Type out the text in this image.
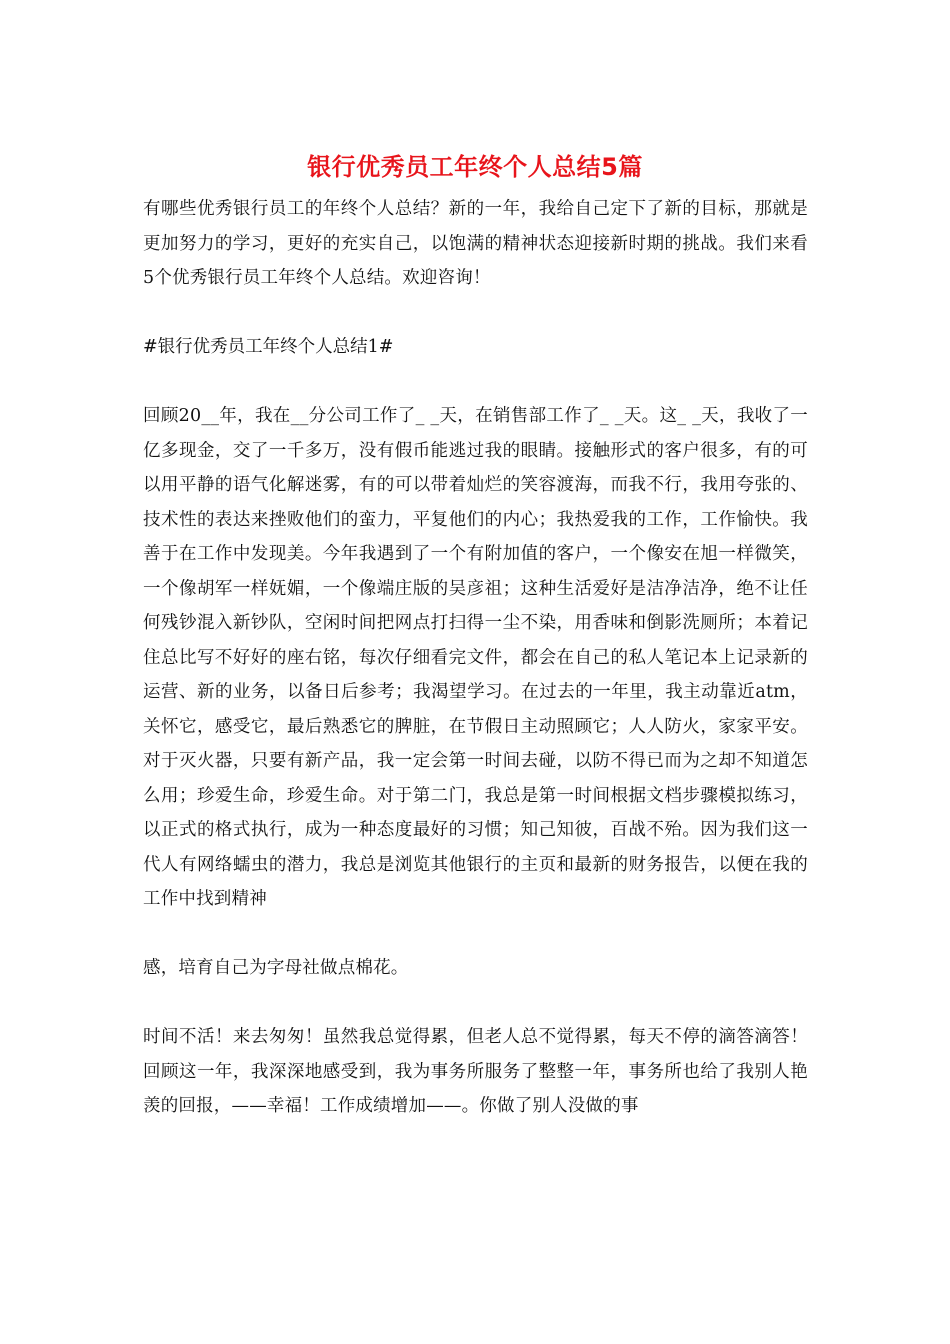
银行优秀员工年终个人总结5篇

有哪些优秀银行员工的年终个人总结？新的一年，我给自己定下了新的目标，那就是更加努力的学习，更好的充实自己，以饱满的精神状态迎接新时期的挑战。我们来看5个优秀银行员工年终个人总结。欢迎咨询！

#银行优秀员工年终个人总结1#

回顾20__年，我在__分公司工作了_ _天，在销售部工作了_ _天。这_ _天，我收了一亿多现金，交了一千多万，没有假币能逃过我的眼睛。接触形式的客户很多，有的可以用平静的语气化解迷雾，有的可以带着灿烂的笑容渡海，而我不行，我用夸张的、技术性的表达来挫败他们的蛮力，平复他们的内心；我热爱我的工作，工作愉快。我善于在工作中发现美。今年我遇到了一个有附加值的客户，一个像安在旭一样微笑，一个像胡军一样妩媚，一个像端庄版的吴彦祖；这种生活爱好是洁净洁净，绝不让任何残钞混入新钞队，空闲时间把网点打扫得一尘不染，用香味和倒影洗厕所；本着记住总比写不好好的座右铭，每次仔细看完文件，都会在自己的私人笔记本上记录新的运营、新的业务，以备日后参考；我渴望学习。在过去的一年里，我主动靠近atm，关怀它，感受它，最后熟悉它的脾脏，在节假日主动照顾它；人人防火，家家平安。对于灭火器，只要有新产品，我一定会第一时间去碰，以防不得已而为之却不知道怎么用；珍爱生命，珍爱生命。对于第二门，我总是第一时间根据文档步骤模拟练习，以正式的格式执行，成为一种态度最好的习惯；知己知彼，百战不殆。因为我们这一代人有网络蠕虫的潜力，我总是浏览其他银行的主页和最新的财务报告，以便在我的工作中找到精神

感，培育自己为字母社做点棉花。

时间不活！来去匆匆！虽然我总觉得累，但老人总不觉得累，每天不停的滴答滴答！回顾这一年，我深深地感受到，我为事务所服务了整整一年，事务所也给了我别人艳羡的回报，——幸福！工作成绩增加——。你做了别人没做的事
